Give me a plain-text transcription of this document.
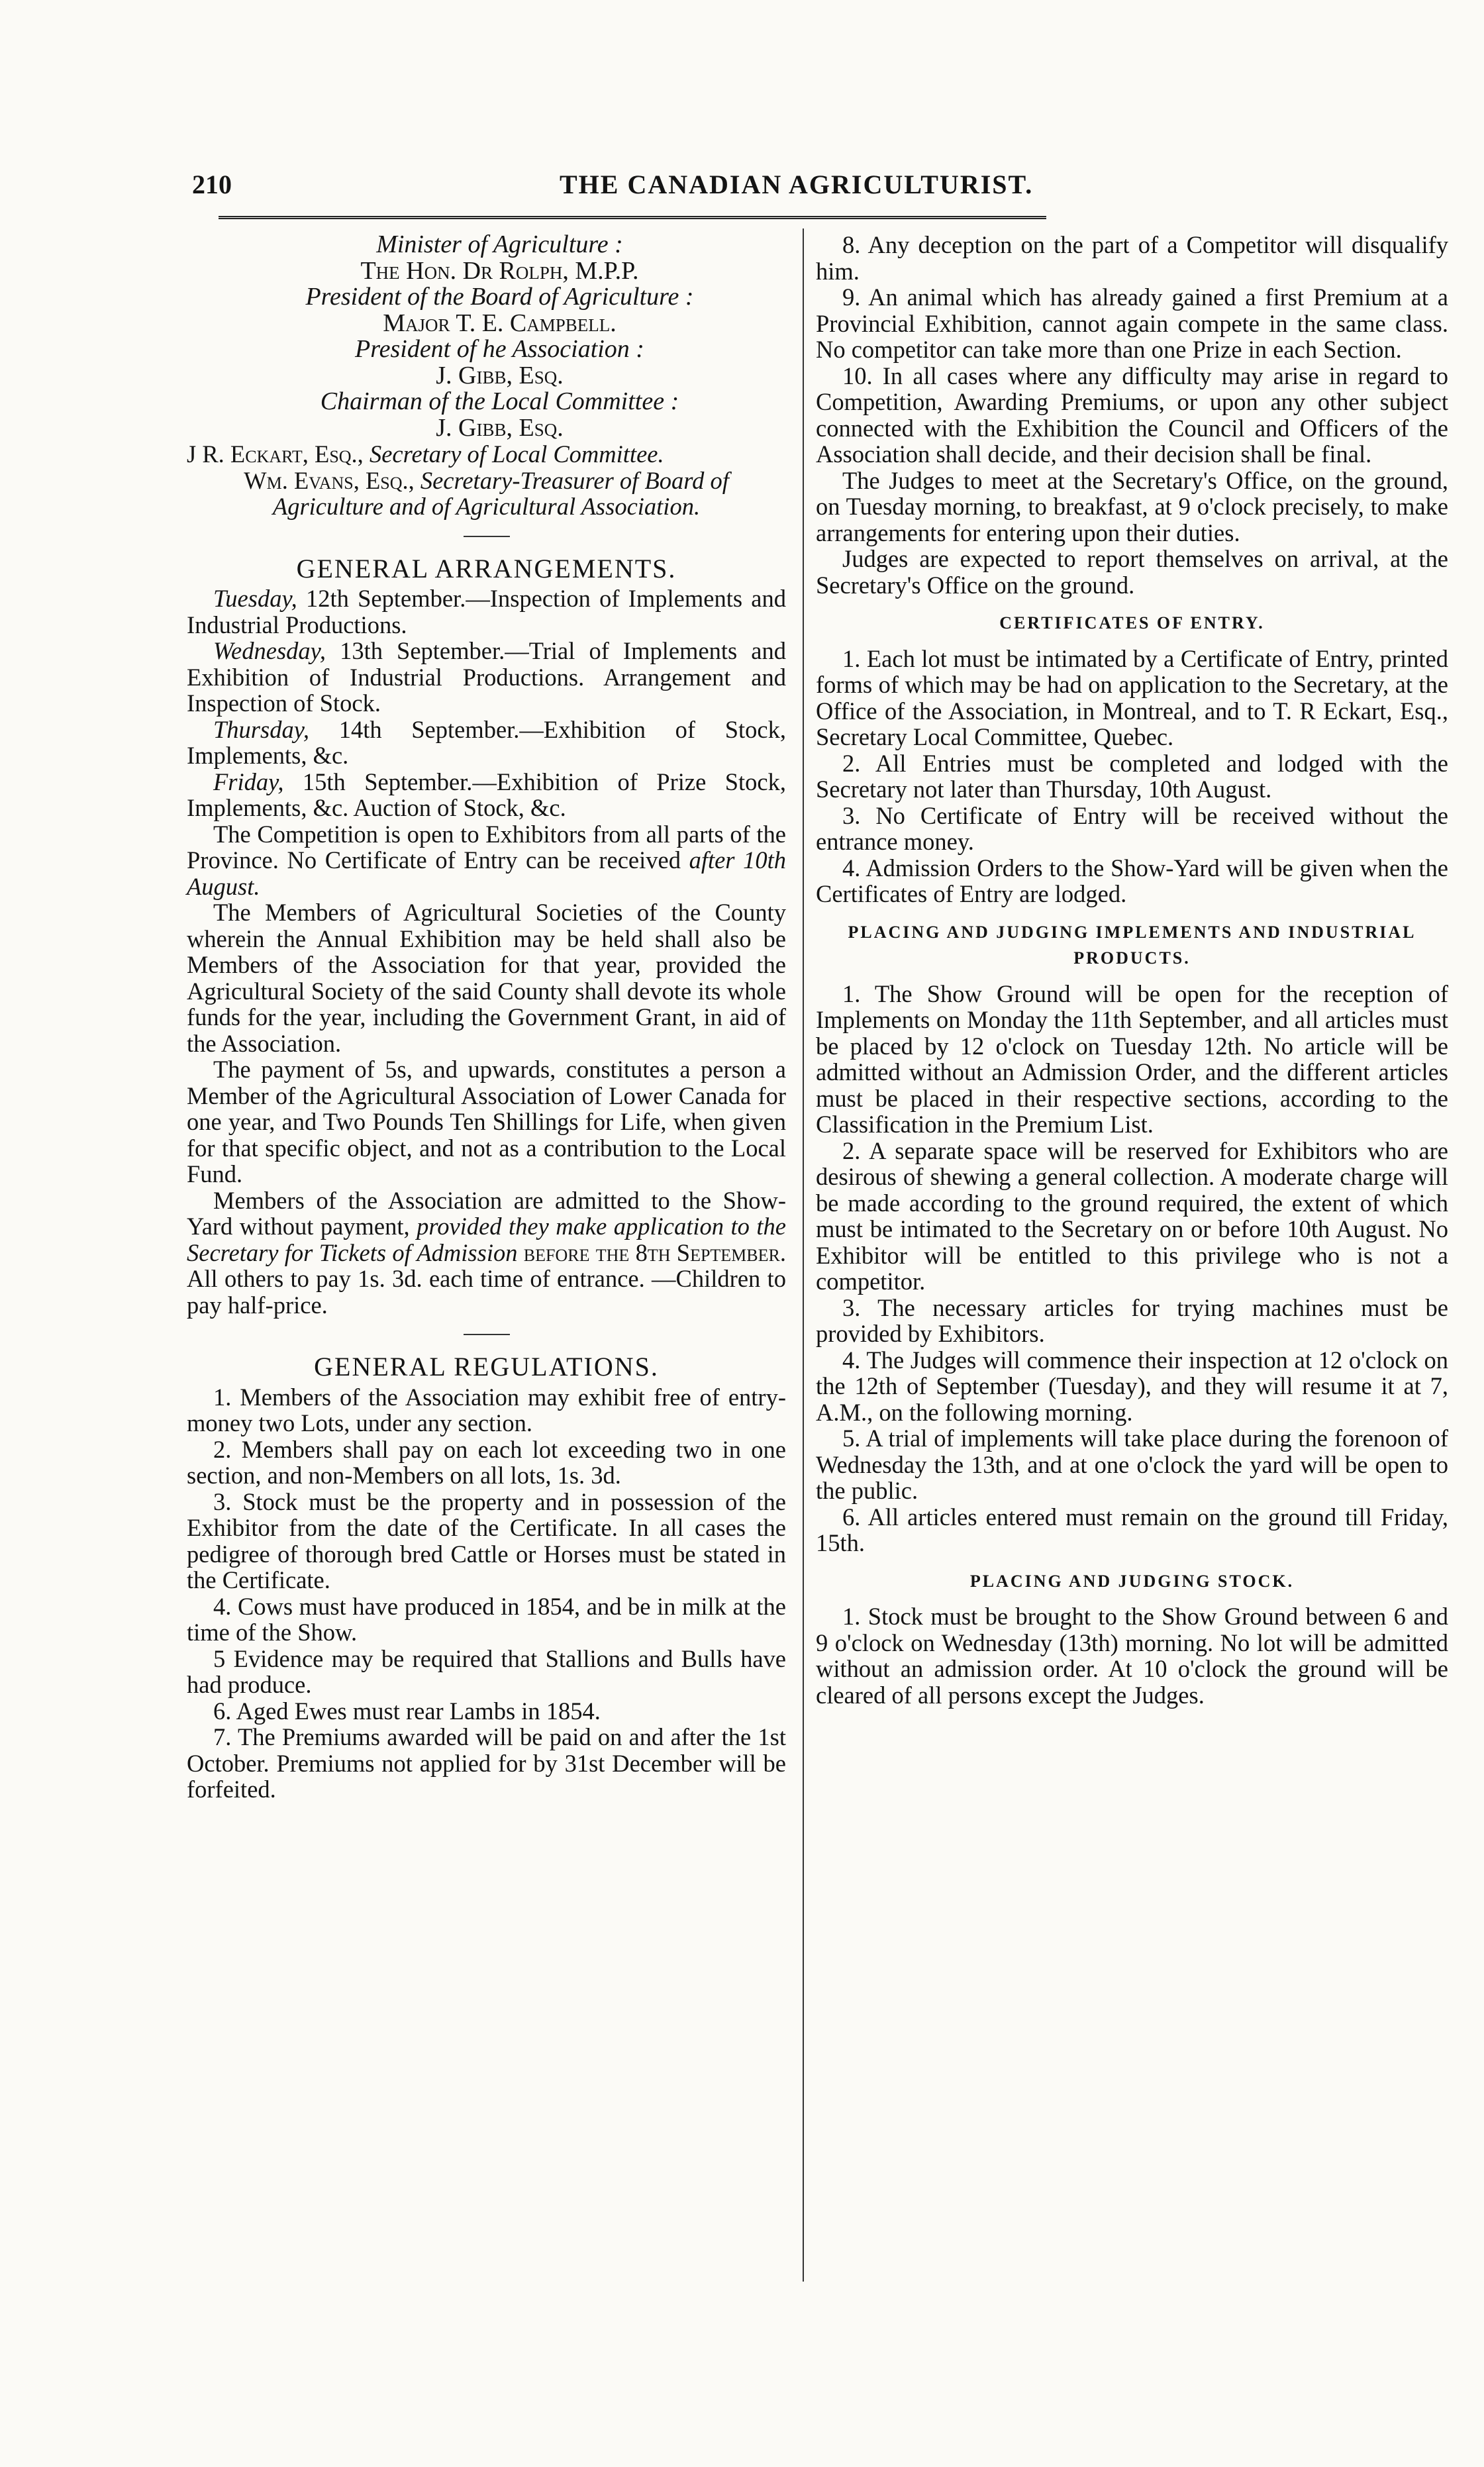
210	THE CANADIAN AGRICULTURIST.

Minister of Agriculture :

The Hon. Dr Rolph, M.P.P.

President of the Board of Agriculture :

Major T. E. Campbell.

President of he Association :

J. Gibb, Esq.

Chairman of the Local Committee :

J. Gibb, Esq.

J R. Eckart, Esq., Secretary of Local Committee.

Wm. Evans, Esq., Secretary-Treasurer of Board of Agriculture and of Agricultural Association.

GENERAL ARRANGEMENTS.

Tuesday, 12th September.—Inspection of Implements and Industrial Productions.

Wednesday, 13th September.—Trial of Implements and Exhibition of Industrial Productions. Arrangement and Inspection of Stock.

Thursday, 14th September.—Exhibition of Stock, Implements, &c.

Friday, 15th September.—Exhibition of Prize Stock, Implements, &c. Auction of Stock, &c.

The Competition is open to Exhibitors from all parts of the Province. No Certificate of Entry can be received after 10th August.

The Members of Agricultural Societies of the County wherein the Annual Exhibition may be held shall also be Members of the Association for that year, provided the Agricultural Society of the said County shall devote its whole funds for the year, including the Government Grant, in aid of the Association.

The payment of 5s, and upwards, constitutes a person a Member of the Agricultural Association of Lower Canada for one year, and Two Pounds Ten Shillings for Life, when given for that specific object, and not as a contribution to the Local Fund.

Members of the Association are admitted to the Show-Yard without payment, provided they make application to the Secretary for Tickets of Admission before the 8th September. All others to pay 1s. 3d. each time of entrance. —Children to pay half-price.

GENERAL REGULATIONS.

1. Members of the Association may exhibit free of entry-money two Lots, under any section.

2. Members shall pay on each lot exceeding two in one section, and non-Members on all lots, 1s. 3d.

3. Stock must be the property and in possession of the Exhibitor from the date of the Certificate. In all cases the pedigree of thorough bred Cattle or Horses must be stated in the Certificate.

4. Cows must have produced in 1854, and be in milk at the time of the Show.

5 Evidence may be required that Stallions and Bulls have had produce.

6. Aged Ewes must rear Lambs in 1854.

7. The Premiums awarded will be paid on and after the 1st October. Premiums not applied for by 31st December will be forfeited.

8. Any deception on the part of a Competitor will disqualify him.

9. An animal which has already gained a first Premium at a Provincial Exhibition, cannot again compete in the same class. No competitor can take more than one Prize in each Section.

10. In all cases where any difficulty may arise in regard to Competition, Awarding Premiums, or upon any other subject connected with the Exhibition the Council and Officers of the Association shall decide, and their decision shall be final.

The Judges to meet at the Secretary's Office, on the ground, on Tuesday morning, to breakfast, at 9 o'clock precisely, to make arrangements for entering upon their duties.

Judges are expected to report themselves on arrival, at the Secretary's Office on the ground.

CERTIFICATES OF ENTRY.

1. Each lot must be intimated by a Certificate of Entry, printed forms of which may be had on application to the Secretary, at the Office of the Association, in Montreal, and to T. R Eckart, Esq., Secretary Local Committee, Quebec.

2. All Entries must be completed and lodged with the Secretary not later than Thursday, 10th August.

3. No Certificate of Entry will be received without the entrance money.

4. Admission Orders to the Show-Yard will be given when the Certificates of Entry are lodged.

PLACING AND JUDGING IMPLEMENTS AND INDUSTRIAL PRODUCTS.

1. The Show Ground will be open for the reception of Implements on Monday the 11th September, and all articles must be placed by 12 o'clock on Tuesday 12th. No article will be admitted without an Admission Order, and the different articles must be placed in their respective sections, according to the Classification in the Premium List.

2. A separate space will be reserved for Exhibitors who are desirous of shewing a general collection. A moderate charge will be made according to the ground required, the extent of which must be intimated to the Secretary on or before 10th August. No Exhibitor will be entitled to this privilege who is not a competitor.

3. The necessary articles for trying machines must be provided by Exhibitors.

4. The Judges will commence their inspection at 12 o'clock on the 12th of September (Tuesday), and they will resume it at 7, A.M., on the following morning.

5. A trial of implements will take place during the forenoon of Wednesday the 13th, and at one o'clock the yard will be open to the public.

6. All articles entered must remain on the ground till Friday, 15th.

PLACING AND JUDGING STOCK.

1. Stock must be brought to the Show Ground between 6 and 9 o'clock on Wednesday (13th) morning. No lot will be admitted without an admission order. At 10 o'clock the ground will be cleared of all persons except the Judges.
